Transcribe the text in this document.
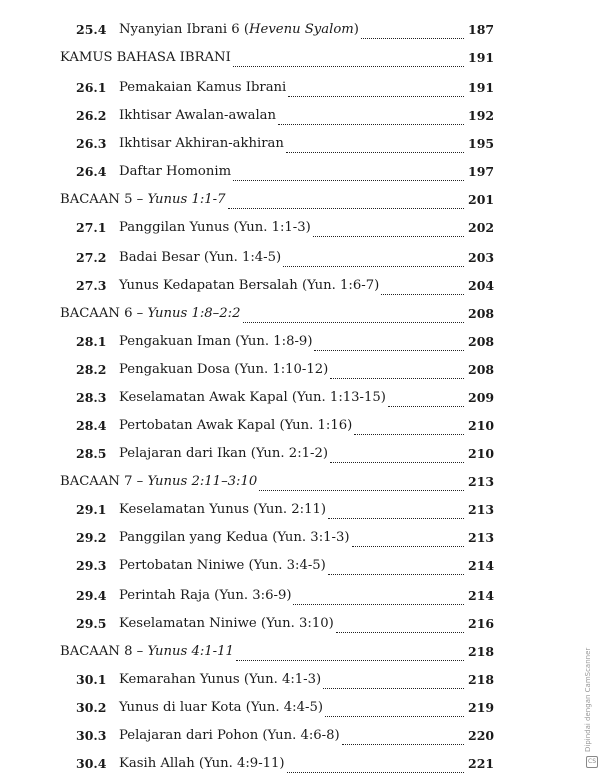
25.4 Nyanyian Ibrani 6 (Hevenu Syalom)	187
KAMUS BAHASA IBRANI	191
26.1 Pemakaian Kamus Ibrani	191
26.2 Ikhtisar Awalan-awalan	192
26.3 Ikhtisar Akhiran-akhiran	195
26.4 Daftar Homonim	197
BACAAN 5 – Yunus 1:1-7	201
27.1 Panggilan Yunus (Yun. 1:1-3)	202
27.2 Badai Besar (Yun. 1:4-5)	203
27.3 Yunus Kedapatan Bersalah (Yun. 1:6-7)	204
BACAAN 6 – Yunus 1:8–2:2	208
28.1 Pengakuan Iman (Yun. 1:8-9)	208
28.2 Pengakuan Dosa (Yun. 1:10-12)	208
28.3 Keselamatan Awak Kapal (Yun. 1:13-15)	209
28.4 Pertobatan Awak Kapal (Yun. 1:16)	210
28.5 Pelajaran dari Ikan (Yun. 2:1-2)	210
BACAAN 7 – Yunus 2:11–3:10	213
29.1 Keselamatan Yunus (Yun. 2:11)	213
29.2 Panggilan yang Kedua (Yun. 3:1-3)	213
29.3 Pertobatan Niniwe (Yun. 3:4-5)	214
29.4 Perintah Raja (Yun. 3:6-9)	214
29.5 Keselamatan Niniwe (Yun. 3:10)	216
BACAAN 8 – Yunus 4:1-11	218
30.1 Kemarahan Yunus (Yun. 4:1-3)	218
30.2 Yunus di luar Kota (Yun. 4:4-5)	219
30.3 Pelajaran dari Pohon (Yun. 4:6-8)	220
30.4 Kasih Allah (Yun. 4:9-11)	221
Dipindai dengan CamScanner
CS
